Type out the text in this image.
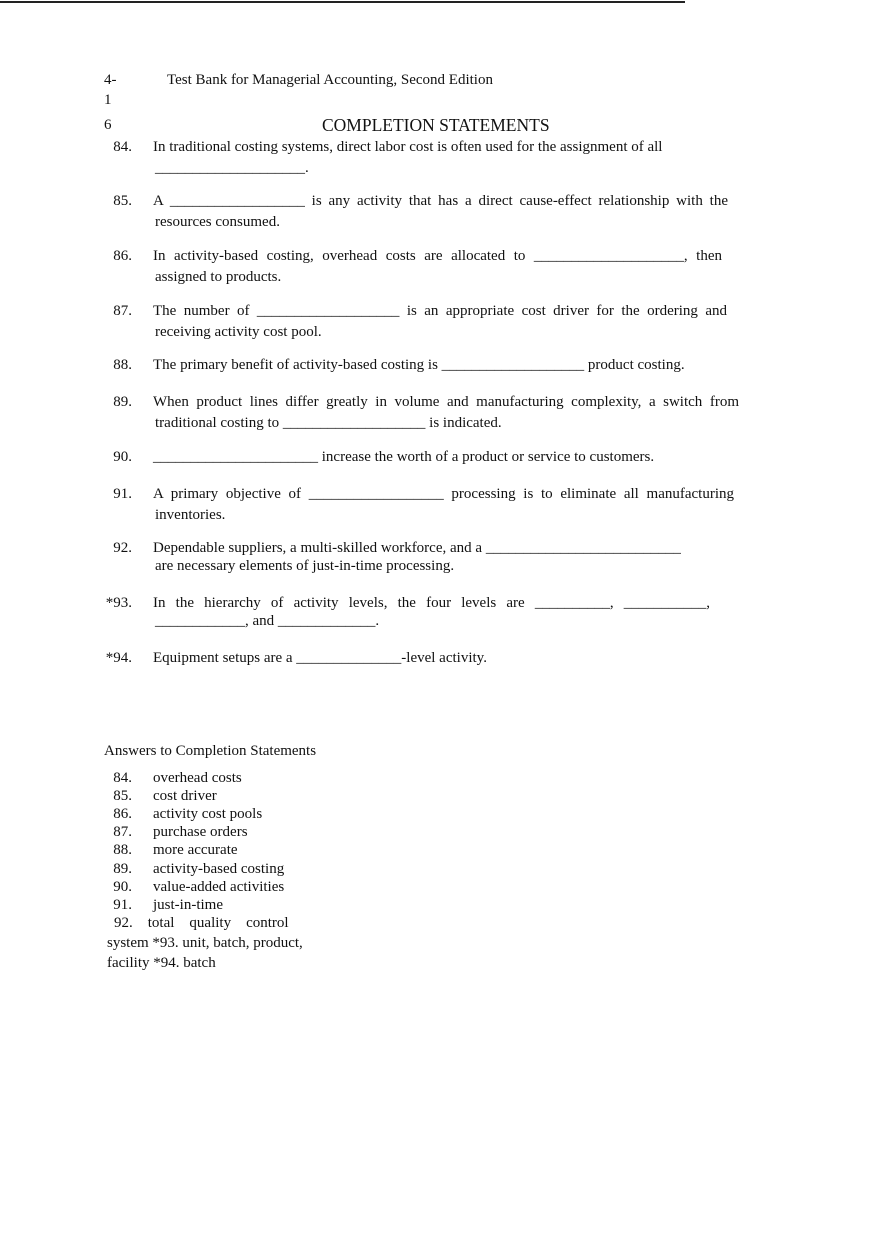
4-
1
6
Test Bank for Managerial Accounting, Second Edition
COMPLETION STATEMENTS
84. In traditional costing systems, direct labor cost is often used for the assignment of all
____________________.
85. A __________________ is any activity that has a direct cause-effect relationship with the
resources consumed.
86. In activity-based costing, overhead costs are allocated to ____________________, then
assigned to products.
87. The number of ___________________ is an appropriate cost driver for the ordering and
receiving activity cost pool.
88. The primary benefit of activity-based costing is ___________________ product costing.
89. When product lines differ greatly in volume and manufacturing complexity, a switch from
traditional costing to ___________________ is indicated.
90. ______________________ increase the worth of a product or service to customers.
91. A primary objective of __________________ processing is to eliminate all manufacturing
inventories.
92. Dependable suppliers, a multi-skilled workforce, and a __________________________
are necessary elements of just-in-time processing.
*93. In the hierarchy of activity levels, the four levels are __________, ___________,
____________, and _____________.
*94. Equipment setups are a ______________-level activity.
Answers to Completion Statements
84. overhead costs
85. cost driver
86. activity cost pools
87. purchase orders
88. more accurate
89. activity-based costing
90. value-added activities
91. just-in-time
92.    total    quality    control
system *93. unit, batch, product,
facility *94. batch
